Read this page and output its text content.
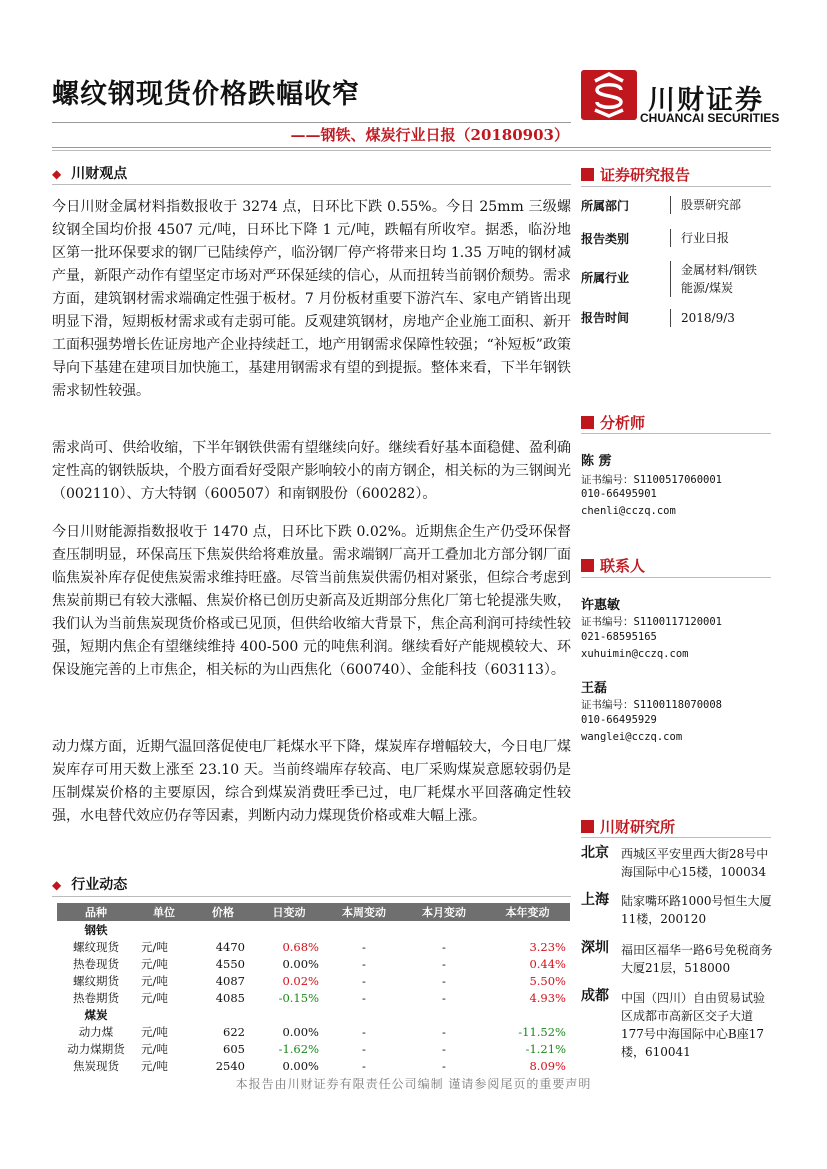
螺纹钢现货价格跌幅收窄	川财证券
CHUANCAI SECURITIES
——钢铁、煤炭行业日报（20180903）
◆ 川财观点
今日川财金属材料指数报收于 3274 点，日环比下跌 0.55%。今日 25mm 三级螺纹钢全国均价报 4507 元/吨，日环比下降 1 元/吨，跌幅有所收窄。据悉，临汾地区第一批环保要求的钢厂已陆续停产，临汾钢厂停产将带来日均 1.35 万吨的钢材减产量，新限产动作有望坚定市场对严环保延续的信心，从而扭转当前钢价颓势。需求方面，建筑钢材需求端确定性强于板材。7 月份板材重要下游汽车、家电产销皆出现明显下滑，短期板材需求或有走弱可能。反观建筑钢材，房地产企业施工面积、新开工面积强势增长佐证房地产企业持续赶工，地产用钢需求保障性较强；“补短板”政策导向下基建在建项目加快施工，基建用钢需求有望的到提振。整体来看，下半年钢铁需求韧性较强。
需求尚可、供给收缩，下半年钢铁供需有望继续向好。继续看好基本面稳健、盈利确定性高的钢铁版块，个股方面看好受限产影响较小的南方钢企，相关标的为三钢闽光（002110）、方大特钢（600507）和南钢股份（600282）。
今日川财能源指数报收于 1470 点，日环比下跌 0.02%。近期焦企生产仍受环保督查压制明显，环保高压下焦炭供给将难放量。需求端钢厂高开工叠加北方部分钢厂面临焦炭补库存促使焦炭需求维持旺盛。尽管当前焦炭供需仍相对紧张，但综合考虑到焦炭前期已有较大涨幅、焦炭价格已创历史新高及近期部分焦化厂第七轮提涨失败，我们认为当前焦炭现货价格或已见顶，但供给收缩大背景下，焦企高利润可持续性较强，短期内焦企有望继续维持 400-500 元的吨焦利润。继续看好产能规模较大、环保设施完善的上市焦企，相关标的为山西焦化（600740）、金能科技（603113）。
动力煤方面，近期气温回落促使电厂耗煤水平下降，煤炭库存增幅较大，今日电厂煤炭库存可用天数上涨至 23.10 天。当前终端库存较高、电厂采购煤炭意愿较弱仍是压制煤炭价格的主要原因，综合到煤炭消费旺季已过，电厂耗煤水平回落确定性较强，水电替代效应仍存等因素，判断内动力煤现货价格或难大幅上涨。
◆ 行业动态
品种	单位	价格	日变动	本周变动	本月变动	本年变动
钢铁						
螺纹现货	元/吨	4470	0.68%	-	-	3.23%
热卷现货	元/吨	4550	0.00%	-	-	0.44%
螺纹期货	元/吨	4087	0.02%	-	-	5.50%
热卷期货	元/吨	4085	-0.15%	-	-	4.93%
煤炭						
动力煤	元/吨	622	0.00%	-	-	-11.52%
动力煤期货	元/吨	605	-1.62%	-	-	-1.21%
焦炭现货	元/吨	2540	0.00%	-	-	8.09%
证券研究报告
所属部门	股票研究部
报告类别	行业日报
所属行业
金属材料/钢铁
能源/煤炭
报告时间	2018/9/3
分析师
陈 雳
证书编号：S1100517060001
010-66495901
chenli@cczq.com
联系人
许惠敏
证书编号：S1100117120001
021-68595165
xuhuimin@cczq.com
王磊
证书编号：S1100118070008
010-66495929
wanglei@cczq.com
川财研究所
北京 西城区平安里西大街28号中海国际中心15楼，100034
上海 陆家嘴环路1000号恒生大厦11楼，200120
深圳 福田区福华一路6号免税商务大厦21层，518000
成都 中国（四川）自由贸易试验区成都市高新区交子大道177号中海国际中心B座17楼，610041
本报告由川财证券有限责任公司编制 谨请参阅尾页的重要声明
